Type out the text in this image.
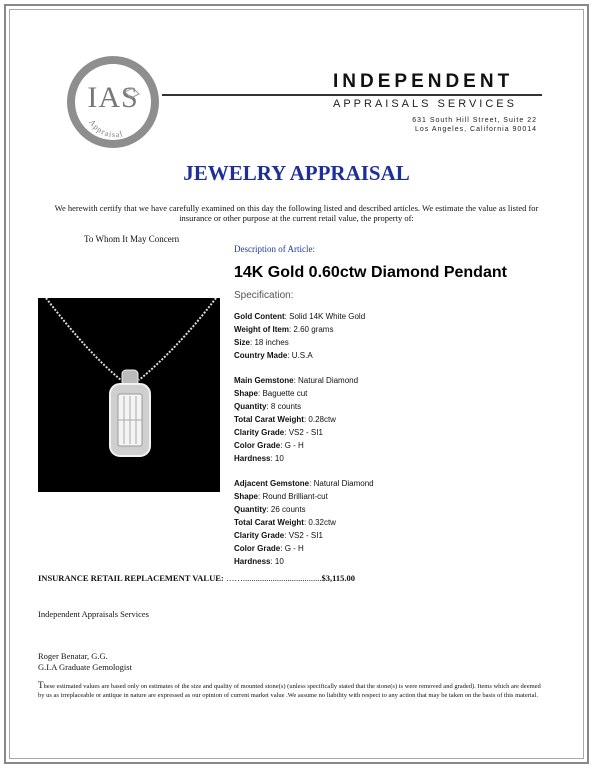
IAS
Appraisal
INDEPENDENT
APPRAISALS SERVICES
631 South Hill Street, Suite 22
Los Angeles, California 90014
JEWELRY APPRAISAL
We herewith certify that we have carefully examined on this day the following listed and described articles. We estimate the value as listed for insurance or other purpose at the current retail value, the property of:
To Whom It May Concern
Description of Article:
14K Gold 0.60ctw Diamond Pendant
Specification:
Gold Content: Solid 14K White Gold
Weight of Item: 2.60 grams
Size: 18 inches
Country Made: U.S.A
Main Gemstone: Natural Diamond
Shape: Baguette cut
Quantity: 8 counts
Total Carat Weight: 0.28ctw
Clarity Grade: VS2 - SI1
Color Grade: G - H
Hardness: 10
Adjacent Gemstone: Natural Diamond
Shape: Round Brilliant-cut
Quantity: 26 counts
Total Carat Weight: 0.32ctw
Clarity Grade: VS2 - SI1
Color Grade: G - H
Hardness: 10
INSURANCE RETAIL REPLACEMENT VALUE: …….....................................$3,115.00
Independent Appraisals Services
Roger Benatar, G.G.
G.I.A Graduate Gemologist
These estimated values are based only on estimates of the size and quality of mounted stone(s) (unless specifically stated that the stone(s) is were removed and graded). Items which are deemed by us as irreplaceable or antique in nature are expressed as our opinion of current market value .We assume no liability with respect to any action that may be taken on the basis of this material.
